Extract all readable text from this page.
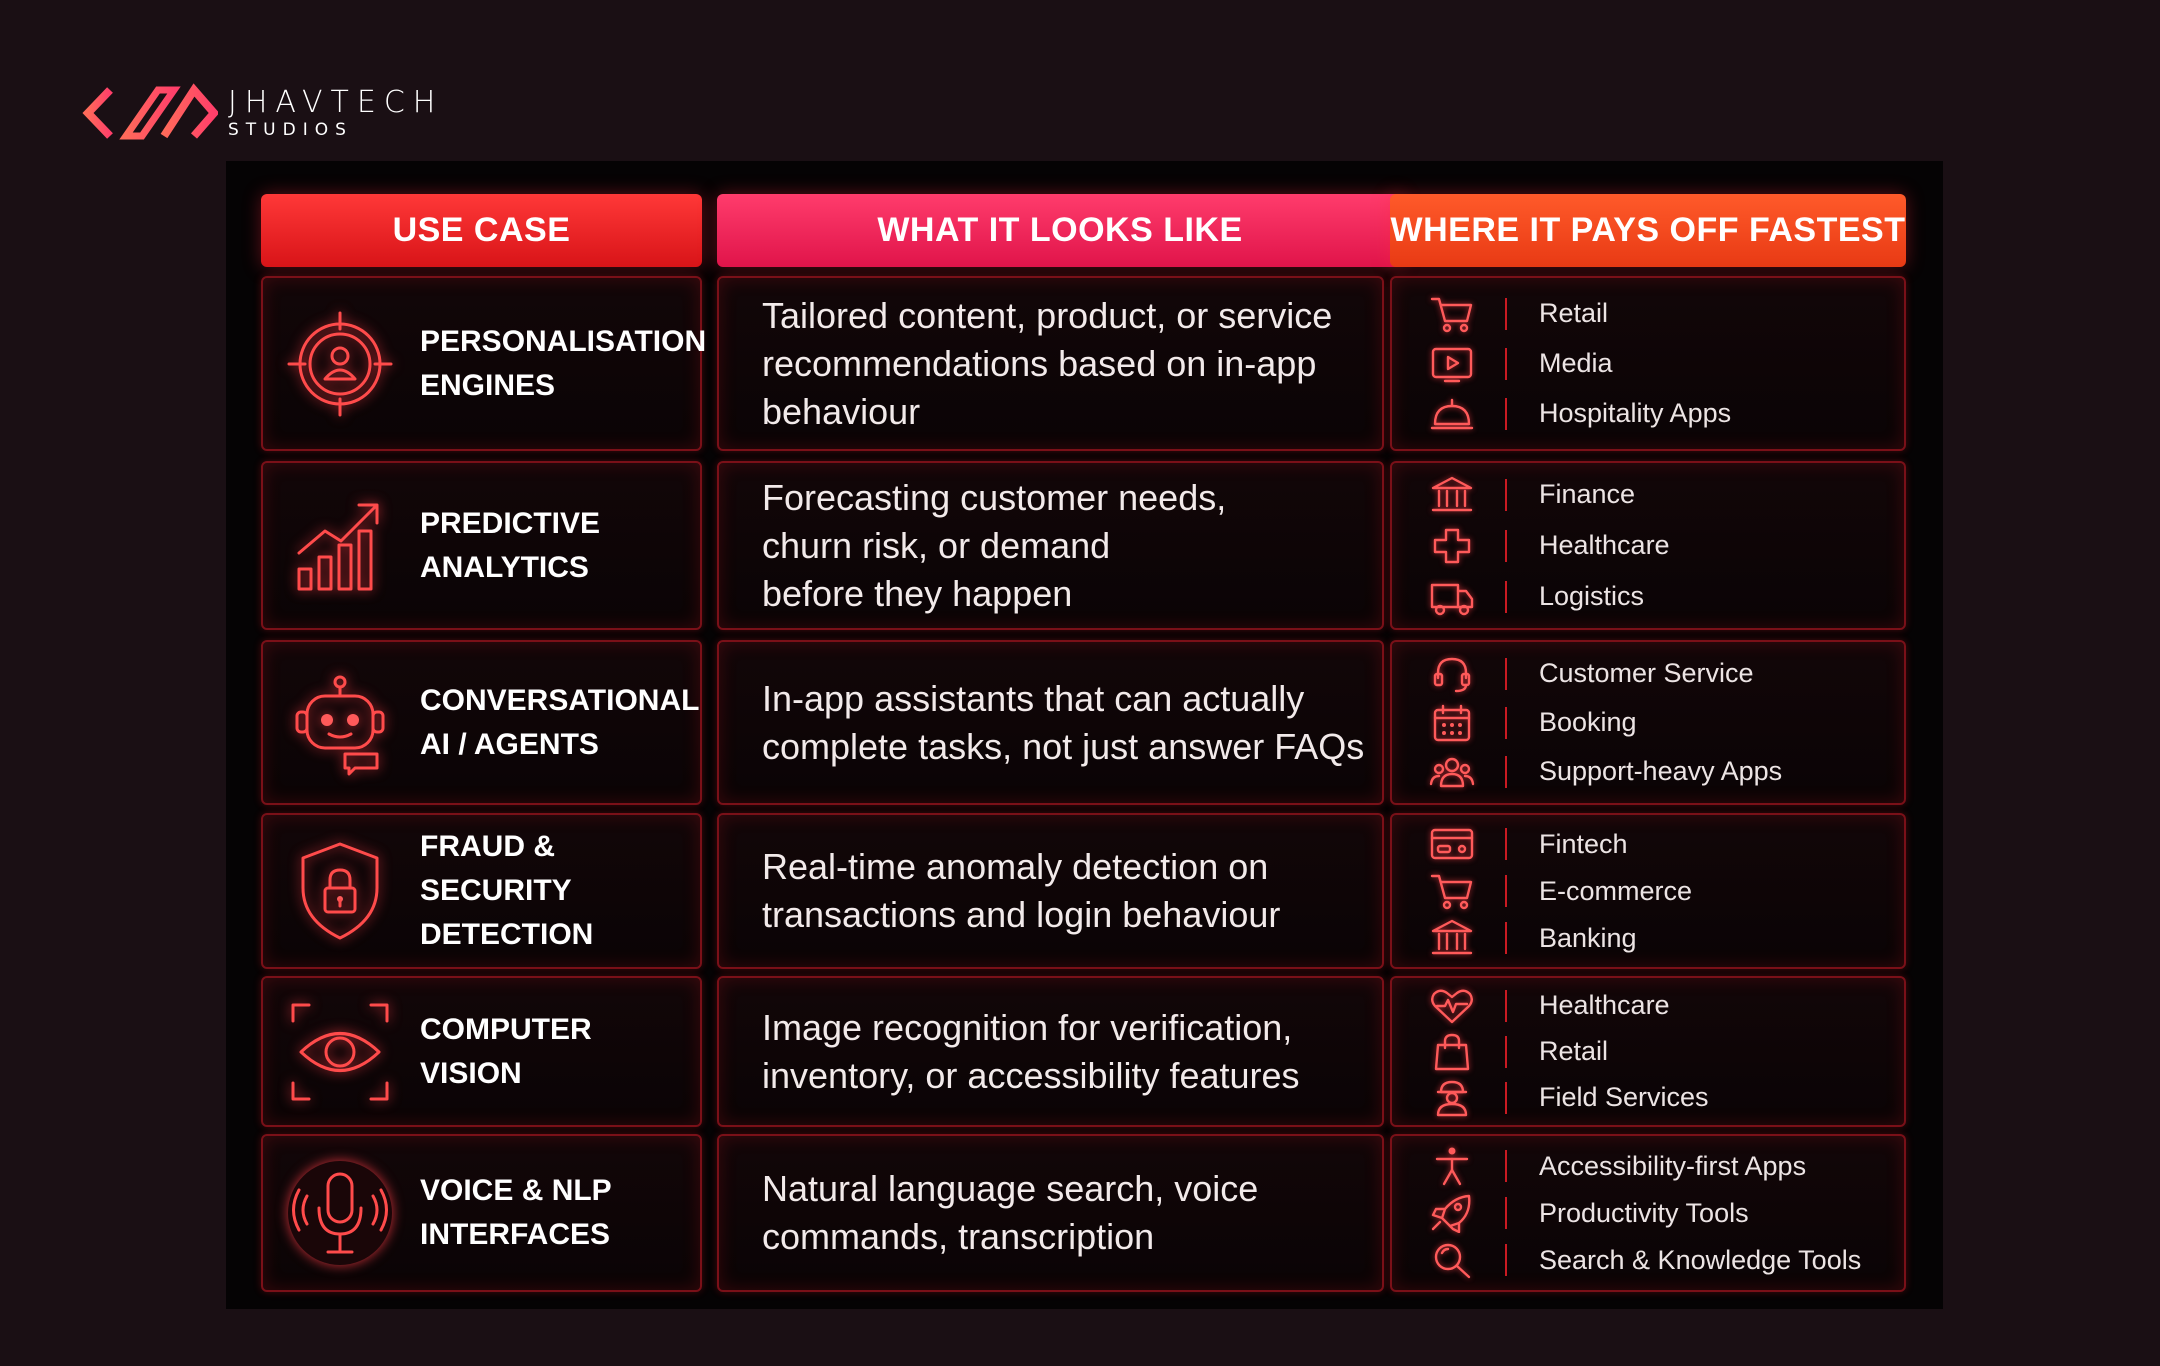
JHAVTECH
STUDIOS
USE CASE	WHAT IT LOOKS LIKE	WHERE IT PAYS OFF FASTEST
PERSONALISATION
ENGINES
Tailored content, product, or service
recommendations based on in-app
behaviour
Retail
Media
Hospitality Apps
PREDICTIVE
ANALYTICS
Forecasting customer needs,
churn risk, or demand
before they happen
Finance
Healthcare
Logistics
CONVERSATIONAL
AI / AGENTS
In-app assistants that can actually
complete tasks, not just answer FAQs
Customer Service
Booking
Support-heavy Apps
FRAUD & SECURITY
DETECTION
Real-time anomaly detection on
transactions and login behaviour
Fintech
E-commerce
Banking
COMPUTER
VISION
Image recognition for verification,
inventory, or accessibility features
Healthcare
Retail
Field Services
VOICE & NLP
INTERFACES
Natural language search, voice
commands, transcription
Accessibility-first Apps
Productivity Tools
Search & Knowledge Tools
